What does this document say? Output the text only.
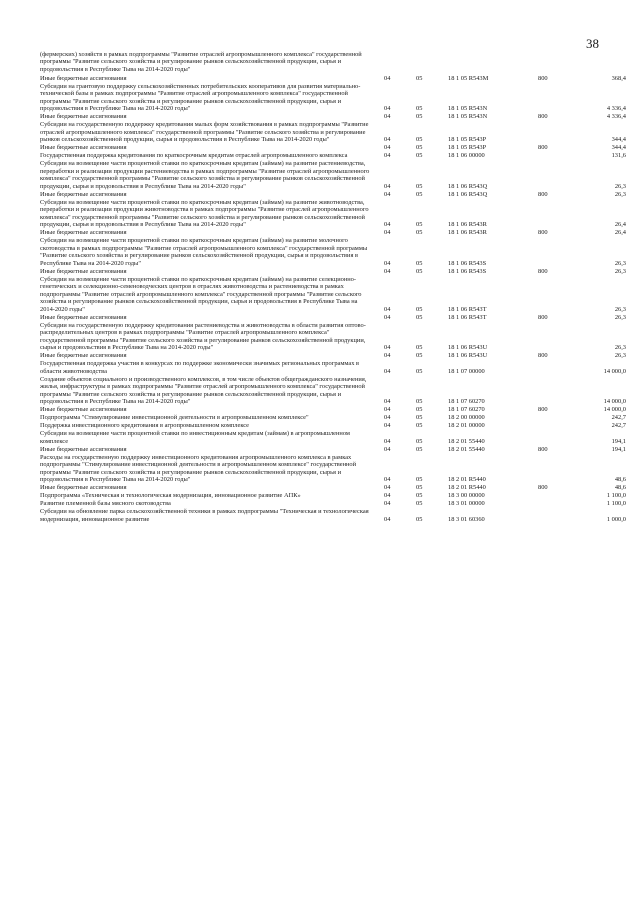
38
(фермерских) хозяйств в рамках подпрограммы "Развитие отраслей агропромышленного комплекса" государственной программы "Развитие сельского хозяйства и регулирование рынков сельскохозяйственной продукции, сырья и продовольствия в Республике Тыва на 2014-2020 годы"					
Иные бюджетные ассигнования	04	05	18 1 05 R543M	800	368,4
Субсидии на грантовую поддержку сельскохозяйственных потребительских кооперативов для развития материально-технической базы в рамках подпрограммы "Развитие отраслей агропромышленного комплекса" государственной программы "Развитие сельского хозяйства и регулирование рынков сельскохозяйственной продукции, сырья и продовольствия в Республике Тыва на 2014-2020 годы"	04	05	18 1 05 R543N		4 336,4
Иные бюджетные ассигнования	04	05	18 1 05 R543N	800	4 336,4
Субсидии на государственную поддержку кредитования малых форм хозяйствования в рамках подпрограммы "Развитие отраслей агропромышленного комплекса" государственной программы "Развитие сельского хозяйства и регулирование рынков сельскохозяйственной продукции, сырья и продовольствия в Республике Тыва на 2014-2020 годы"	04	05	18 1 05 R543P		344,4
Иные бюджетные ассигнования	04	05	18 1 05 R543P	800	344,4
Государственная поддержка кредитования по краткосрочным кредитам отраслей агропромышленного комплекса	04	05	18 1 06 00000		131,6
Субсидии на возмещение части процентной ставки по краткосрочным кредитам (займам) на развитие растениеводства, переработки и реализации продукции растениеводства в рамках подпрограммы "Развитие отраслей агропромышленного комплекса" государственной программы "Развитие сельского хозяйства и регулирование рынков сельскохозяйственной продукции, сырья и продовольствия в Республике Тыва на 2014-2020 годы"	04	05	18 1 06 R543Q		26,3
Иные бюджетные ассигнования	04	05	18 1 06 R543Q	800	26,3
Субсидии на возмещение части процентной ставки по краткосрочным кредитам (займам) на развитие животноводства, переработки и реализации продукции животноводства в рамках подпрограммы "Развитие отраслей агропромышленного комплекса" государственной программы "Развитие сельского хозяйства и регулирование рынков сельскохозяйственной продукции, сырья и продовольствия в Республике Тыва на 2014-2020 годы"	04	05	18 1 06 R543R		26,4
Иные бюджетные ассигнования	04	05	18 1 06 R543R	800	26,4
Субсидии на возмещение части процентной ставки по краткосрочным кредитам (займам) на развитие молочного скотоводства в рамках подпрограммы "Развитие отраслей агропромышленного комплекса" государственной программы "Развитие сельского хозяйства и регулирование рынков сельскохозяйственной продукции, сырья и продовольствия в Республике Тыва на 2014-2020 годы"	04	05	18 1 06 R543S		26,3
Иные бюджетные ассигнования	04	05	18 1 06 R543S	800	26,3
Субсидии на возмещение части процентной ставки по краткосрочным кредитам (займам) на развитие селекционно-генетических и селекционно-семеноводческих центров в отраслях животноводства и растениеводства в рамках подпрограммы "Развитие отраслей агропромышленного комплекса" государственной программы "Развитие сельского хозяйства и регулирование рынков сельскохозяйственной продукции, сырья и продовольствия в Республике Тыва на 2014-2020 годы"	04	05	18 1 06 R543T		26,3
Иные бюджетные ассигнования	04	05	18 1 06 R543T	800	26,3
Субсидии на государственную поддержку кредитования растениеводства и животноводства в области развития оптово-распределительных центров в рамках подпрограммы "Развитие отраслей агропромышленного комплекса" государственной программы "Развитие сельского хозяйства и регулирование рынков сельскохозяйственной продукции, сырья и продовольствия в Республике Тыва на 2014-2020 годы"	04	05	18 1 06 R543U		26,3
Иные бюджетные ассигнования	04	05	18 1 06 R543U	800	26,3
Государственная поддержка участия в конкурсах по поддержке экономически значимых региональных программах в области животноводства	04	05	18 1 07 00000		14 000,0
Создание объектов социального и производственного комплексов, в том числе объектов общегражданского назначения, жилья, инфраструктуры в рамках подпрограммы "Развитие отраслей агропромышленного комплекса" государственной программы "Развитие сельского хозяйства и регулирование рынков сельскохозяйственной продукции, сырья и продовольствия в Республике Тыва на 2014-2020 годы"	04	05	18 1 07 60270		14 000,0
Иные бюджетные ассигнования	04	05	18 1 07 60270	800	14 000,0
Подпрограмма "Стимулирование инвестиционной деятельности в агропромышленном комплексе"	04	05	18 2 00 00000		242,7
Поддержка инвестиционного кредитования в агропромышленном комплексе	04	05	18 2 01 00000		242,7
Субсидии на возмещение части процентной ставки по инвестиционным кредитам (займам) в агропромышленном комплексе	04	05	18 2 01 55440		194,1
Иные бюджетные ассигнования	04	05	18 2 01 55440	800	194,1
Расходы на государственную поддержку инвестиционного кредитования агропромышленного комплекса в рамках подпрограммы "Стимулирование инвестиционной деятельности в агропромышленном комплексе" государственной программы "Развитие сельского хозяйства и регулирование рынков сельскохозяйственной продукции, сырья и продовольствия в Республике Тыва на 2014-2020 годы"	04	05	18 2 01 R5440		48,6
Иные бюджетные ассигнования	04	05	18 2 01 R5440	800	48,6
Подпрограмма «Техническая и технологическая модернизация, инновационное развитие АПК»	04	05	18 3 00 00000		1 100,0
Развитие племенной базы мясного скотоводства	04	05	18 3 01 00000		1 100,0
Субсидии на обновление парка сельскохозяйственной техники в рамках подпрограммы "Техническая и технологическая модернизация, инновационное развитие	04	05	18 3 01 60360		1 000,0
